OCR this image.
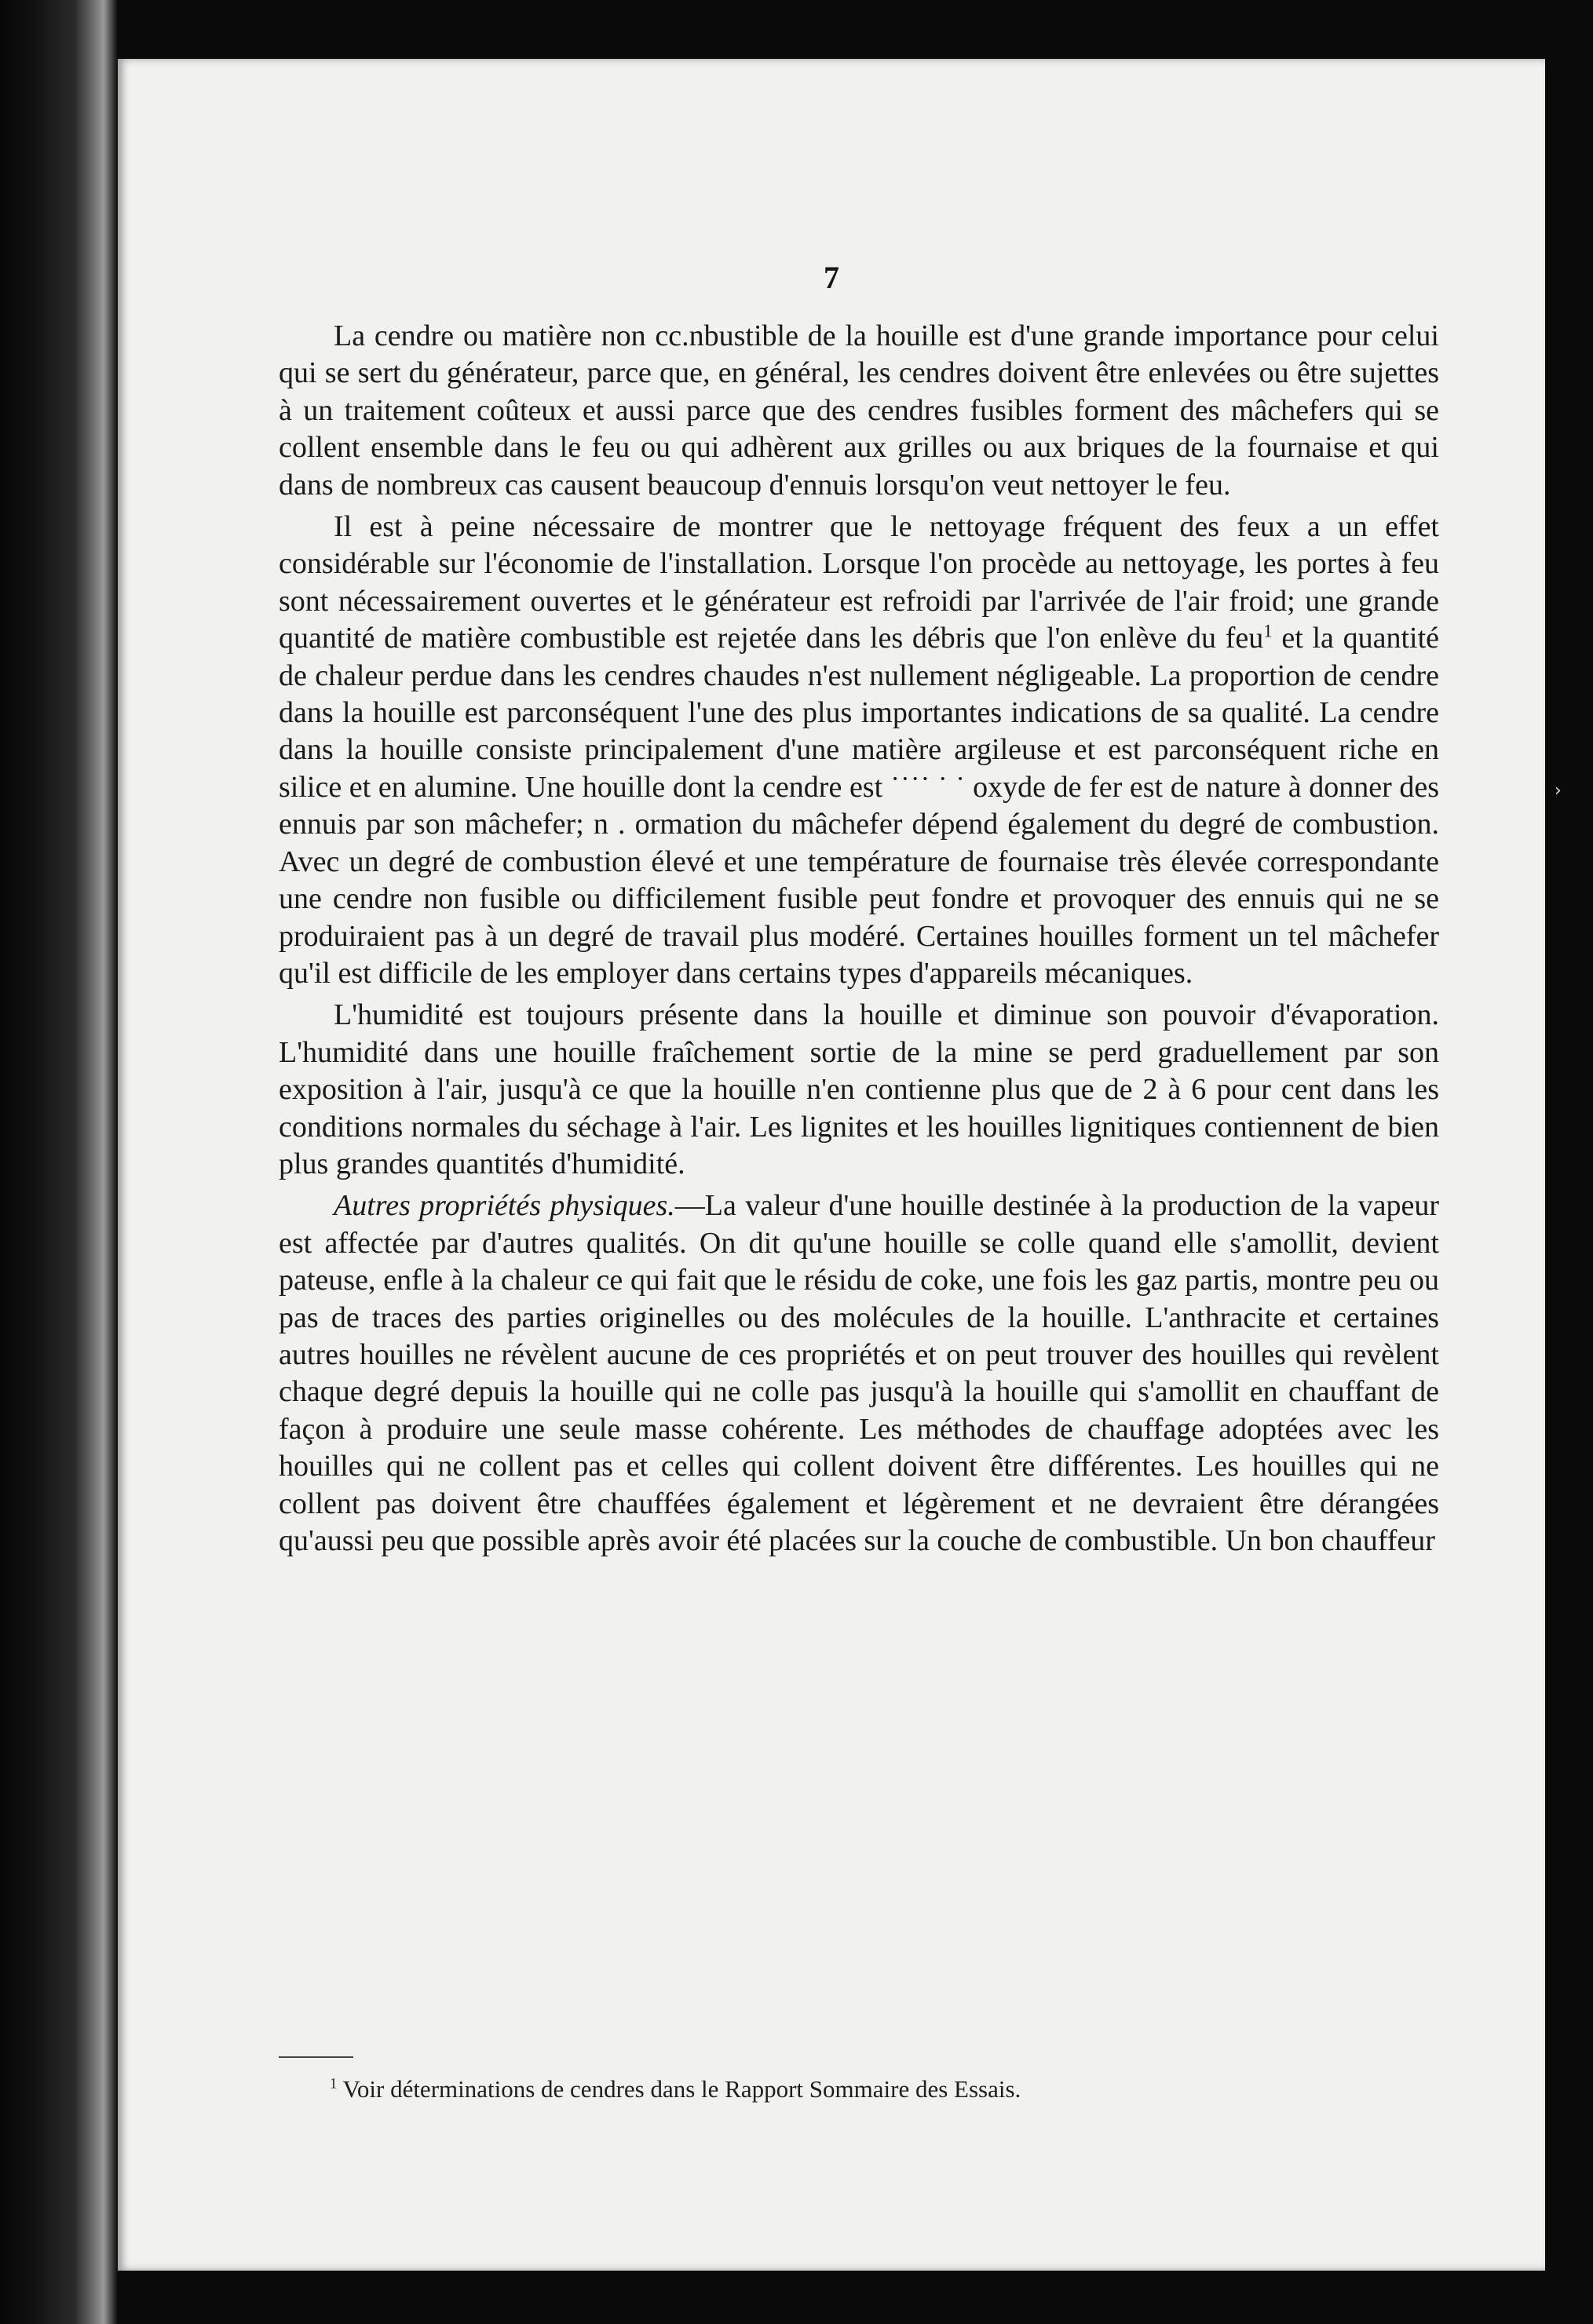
7

La cendre ou matière non cc.nbustible de la houille est d'une grande importance pour celui qui se sert du générateur, parce que, en général, les cendres doivent être enlevées ou être sujettes à un traitement coûteux et aussi parce que des cendres fusibles forment des mâchefers qui se collent ensemble dans le feu ou qui adhèrent aux grilles ou aux briques de la fournaise et qui dans de nombreux cas causent beaucoup d'ennuis lorsqu'on veut nettoyer le feu.

Il est à peine nécessaire de montrer que le nettoyage fréquent des feux a un effet considérable sur l'économie de l'installation. Lorsque l'on procède au nettoyage, les portes à feu sont nécessairement ouvertes et le générateur est refroidi par l'arrivée de l'air froid; une grande quantité de matière combustible est rejetée dans les débris que l'on enlève du feu$^1$ et la quantité de chaleur perdue dans les cendres chaudes n'est nullement négligeable. La proportion de cendre dans la houille est parconséquent l'une des plus importantes indications de sa qualité. La cendre dans la houille consiste principalement d'une matière argileuse et est parconséquent riche en silice et en alumine. Une houille dont la cendre est ˙˙˙˙ ˙ ˙ oxyde de fer est de nature à donner des ennuis par son mâchefer; n . ormation du mâchefer dépend également du degré de combustion. Avec un degré de combustion élevé et une température de fournaise très élevée correspondante une cendre non fusible ou difficilement fusible peut fondre et provoquer des ennuis qui ne se produiraient pas à un degré de travail plus modéré. Certaines houilles forment un tel mâchefer qu'il est difficile de les employer dans certains types d'appareils mécaniques.

L'humidité est toujours présente dans la houille et diminue son pouvoir d'évaporation. L'humidité dans une houille fraîchement sortie de la mine se perd graduellement par son exposition à l'air, jusqu'à ce que la houille n'en contienne plus que de 2 à 6 pour cent dans les conditions normales du séchage à l'air. Les lignites et les houilles lignitiques contiennent de bien plus grandes quantités d'humidité.

Autres propriétés physiques.—La valeur d'une houille destinée à la production de la vapeur est affectée par d'autres qualités. On dit qu'une houille se colle quand elle s'amollit, devient pateuse, enfle à la chaleur ce qui fait que le résidu de coke, une fois les gaz partis, montre peu ou pas de traces des parties originelles ou des molécules de la houille. L'anthracite et certaines autres houilles ne révèlent aucune de ces propriétés et on peut trouver des houilles qui revèlent chaque degré depuis la houille qui ne colle pas jusqu'à la houille qui s'amollit en chauffant de façon à produire une seule masse cohérente. Les méthodes de chauffage adoptées avec les houilles qui ne collent pas et celles qui collent doivent être différentes. Les houilles qui ne collent pas doivent être chauffées également et légèrement et ne devraient être dérangées qu'aussi peu que possible après avoir été placées sur la couche de combustible. Un bon chauffeur

$^1$ Voir déterminations de cendres dans le Rapport Sommaire des Essais.
›
